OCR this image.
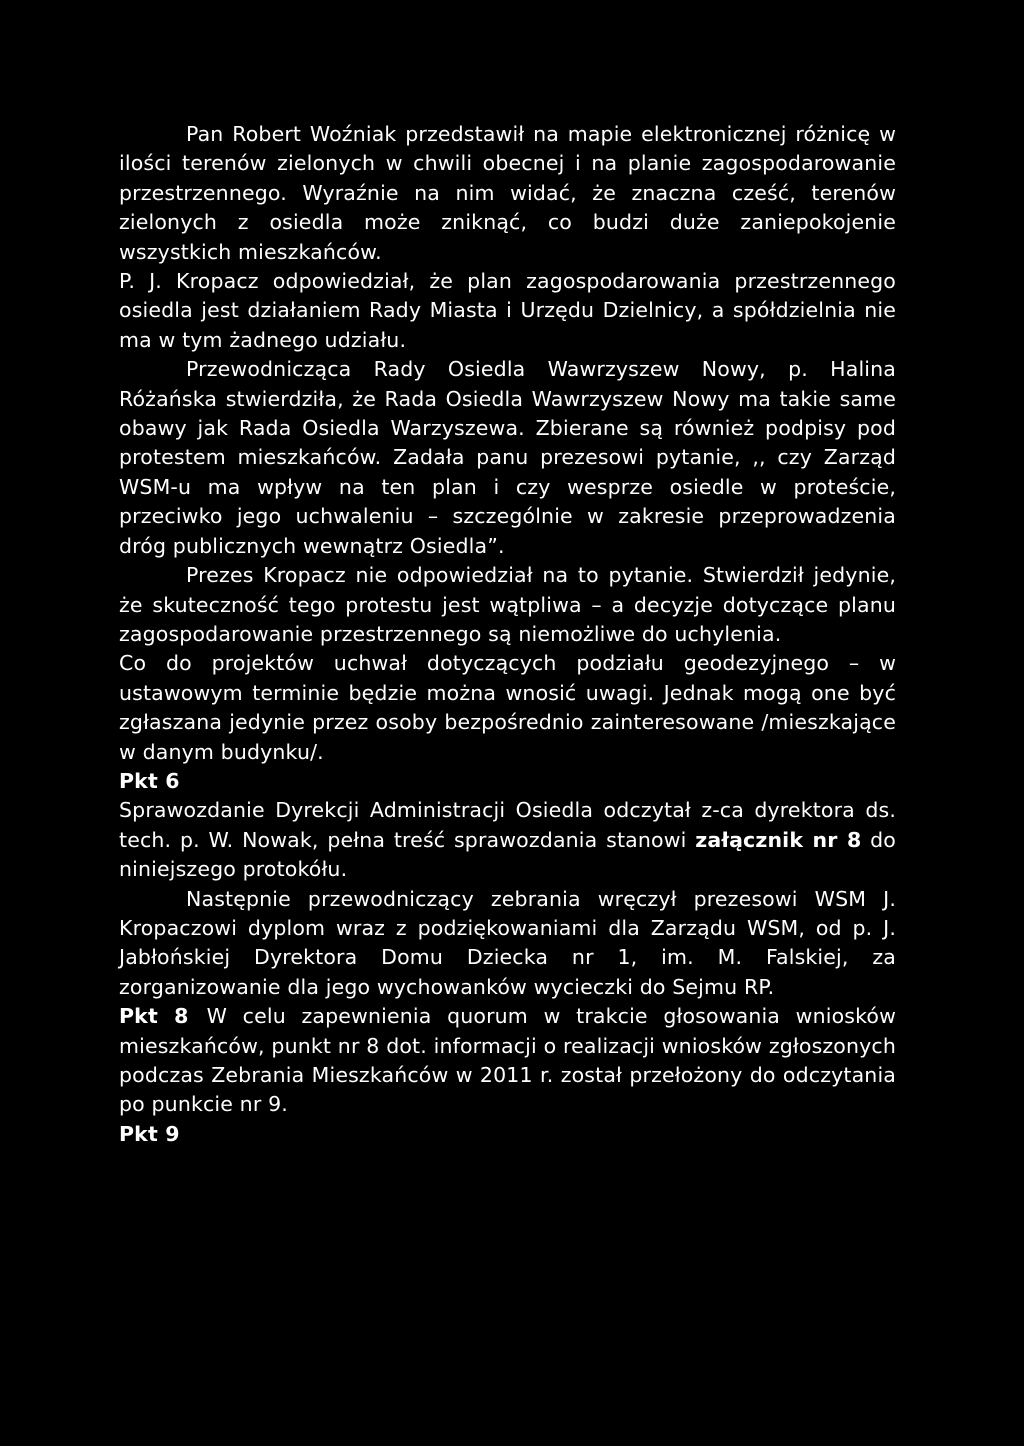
Pan Robert Woźniak przedstawił na mapie elektronicznej różnicę w ilości terenów zielonych w chwili obecnej i na planie zagospodarowanie przestrzennego. Wyraźnie na nim widać, że znaczna cześć, terenów zielonych z osiedla może zniknąć, co budzi duże zaniepokojenie wszystkich mieszkańców.

P. J. Kropacz odpowiedział, że plan zagospodarowania przestrzennego osiedla jest działaniem Rady Miasta i Urzędu Dzielnicy, a spółdzielnia nie ma w tym żadnego udziału.

Przewodnicząca Rady Osiedla Wawrzyszew Nowy, p. Halina Różańska stwierdziła, że Rada Osiedla Wawrzyszew Nowy ma takie same obawy jak Rada Osiedla Warzyszewa. Zbierane są również podpisy pod protestem mieszkańców. Zadała panu prezesowi pytanie, ,, czy Zarząd WSM-u ma wpływ na ten plan i czy wesprze osiedle w proteście, przeciwko jego uchwaleniu – szczególnie w zakresie przeprowadzenia dróg publicznych wewnątrz Osiedla”.

Prezes Kropacz nie odpowiedział na to pytanie. Stwierdził jedynie, że skuteczność tego protestu jest wątpliwa – a decyzje dotyczące planu zagospodarowanie przestrzennego są niemożliwe do uchylenia.

Co do projektów uchwał dotyczących podziału geodezyjnego – w ustawowym terminie będzie można wnosić uwagi. Jednak mogą one być zgłaszana jedynie przez osoby bezpośrednio zainteresowane /mieszkające w danym budynku/.

Pkt 6

Sprawozdanie Dyrekcji Administracji Osiedla odczytał z-ca dyrektora ds. tech. p. W. Nowak, pełna treść sprawozdania stanowi załącznik nr 8 do niniejszego protokółu.

Następnie przewodniczący zebrania wręczył prezesowi WSM J. Kropaczowi dyplom wraz z podziękowaniami dla Zarządu WSM, od p. J. Jabłońskiej Dyrektora Domu Dziecka nr 1, im. M. Falskiej, za zorganizowanie dla jego wychowanków wycieczki do Sejmu RP.

Pkt 8 W celu zapewnienia quorum w trakcie głosowania wniosków mieszkańców, punkt nr 8 dot. informacji o realizacji wniosków zgłoszonych podczas Zebrania Mieszkańców w 2011 r. został przełożony do odczytania po punkcie nr 9.

Pkt 9
